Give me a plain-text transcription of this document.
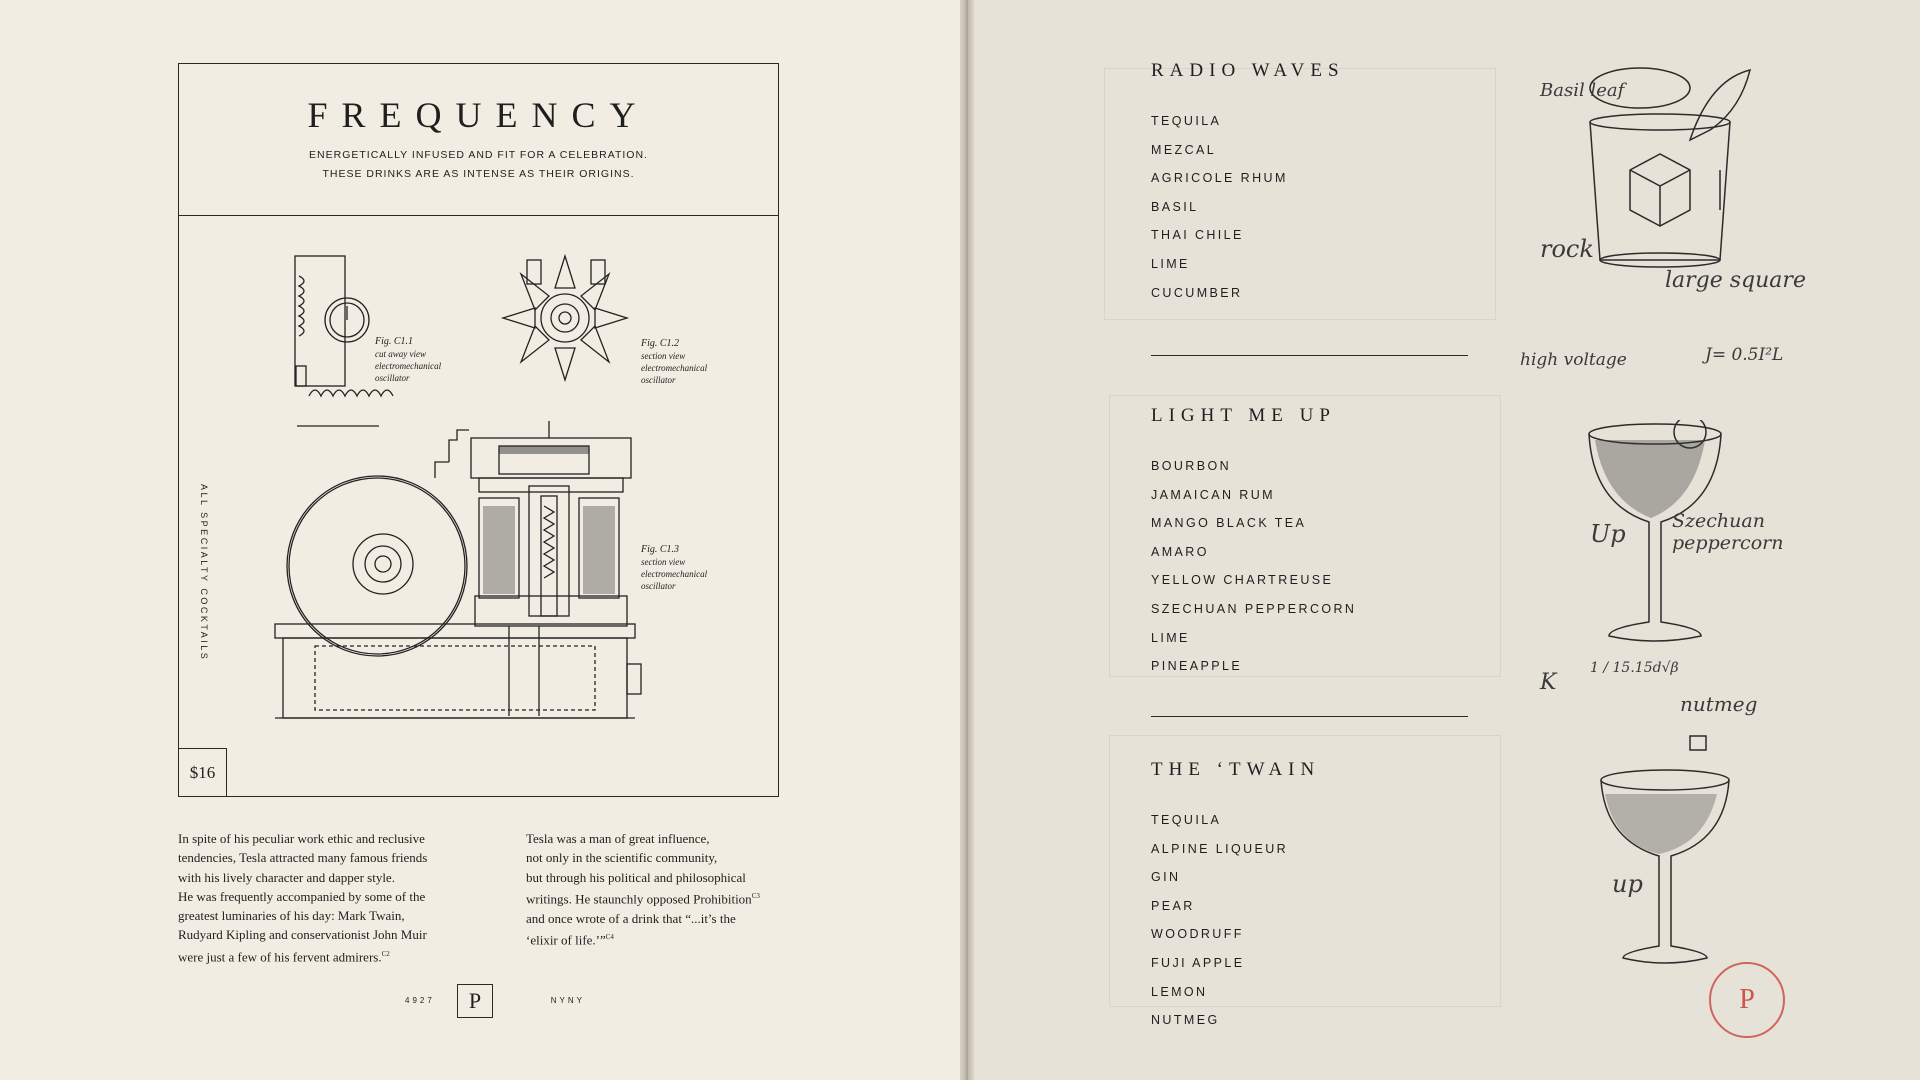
FREQUENCY
ENERGETICALLY INFUSED AND FIT FOR A CELEBRATION.
THESE DRINKS ARE AS INTENSE AS THEIR ORIGINS.
Fig. C1.1
cut away view
electromechanical
oscillator
Fig. C1.2
section view
electromechanical
oscillator
Fig. C1.3
section view
electromechanical
oscillator
ALL SPECIALTY COCKTAILS
$16
In spite of his peculiar work ethic and reclusive
tendencies, Tesla attracted many famous friends
with his lively character and dapper style.
He was frequently accompanied by some of the
greatest luminaries of his day: Mark Twain,
Rudyard Kipling and conservationist John Muir
were just a few of his fervent admirers.$^{C2}$
Tesla was a man of great influence,
not only in the scientific community,
but through his political and philosophical
writings. He staunchly opposed Prohibition$^{C3}$
and once wrote of a drink that “...it’s the
‘elixir of life.’”$^{C4}$
4927	P	NYNY
RADIO WAVES
TEQUILA
MEZCAL
AGRICOLE RHUM
BASIL
THAI CHILE
LIME
CUCUMBER
LIGHT ME UP
BOURBON
JAMAICAN RUM
MANGO BLACK TEA
AMARO
YELLOW CHARTREUSE
SZECHUAN PEPPERCORN
LIME
PINEAPPLE
THE ‘TWAIN
TEQUILA
ALPINE LIQUEUR
GIN
PEAR
WOODRUFF
FUJI APPLE
LEMON
NUTMEG
Basil leaf
rock
large square
high voltage	J= 0.5I²L
Up Szechuan peppercorn
K
1 / 15.15d√β
nutmeg
up
P
